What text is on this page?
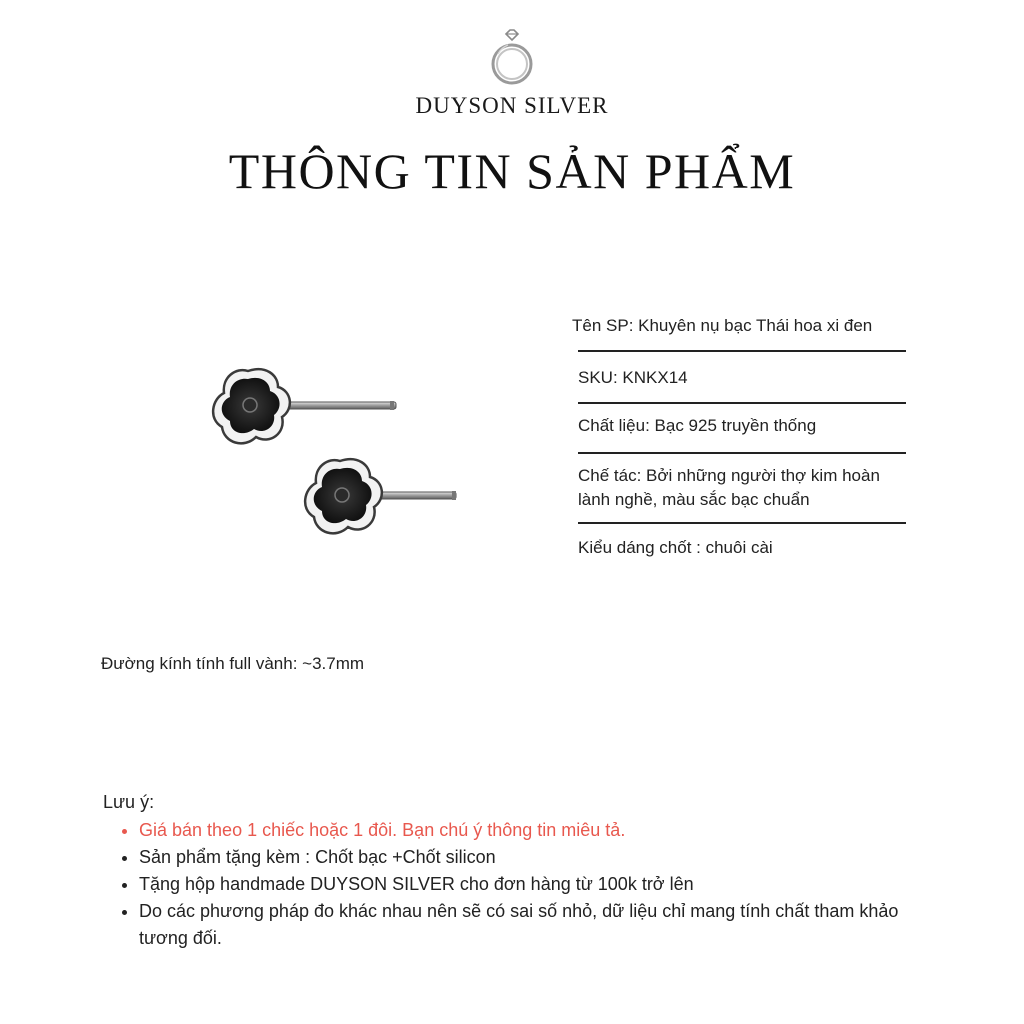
DUYSON SILVER
THÔNG TIN SẢN PHẨM
Tên SP: Khuyên nụ bạc Thái hoa xi đen
SKU: KNKX14
Chất liệu: Bạc 925 truyền thống
Chế tác: Bởi những người thợ kim hoàn lành nghề, màu sắc bạc chuẩn
Kiểu dáng chốt : chuôi cài
Đường kính tính full vành: ~3.7mm
Lưu ý:
• Giá bán theo 1 chiếc hoặc 1 đôi. Bạn chú ý thông tin miêu tả.
• Sản phẩm tặng kèm : Chốt bạc +Chốt silicon
• Tặng hộp handmade DUYSON SILVER cho đơn hàng từ 100k trở lên
• Do các phương pháp đo khác nhau nên sẽ có sai số nhỏ, dữ liệu chỉ mang tính chất tham khảo tương đối.
